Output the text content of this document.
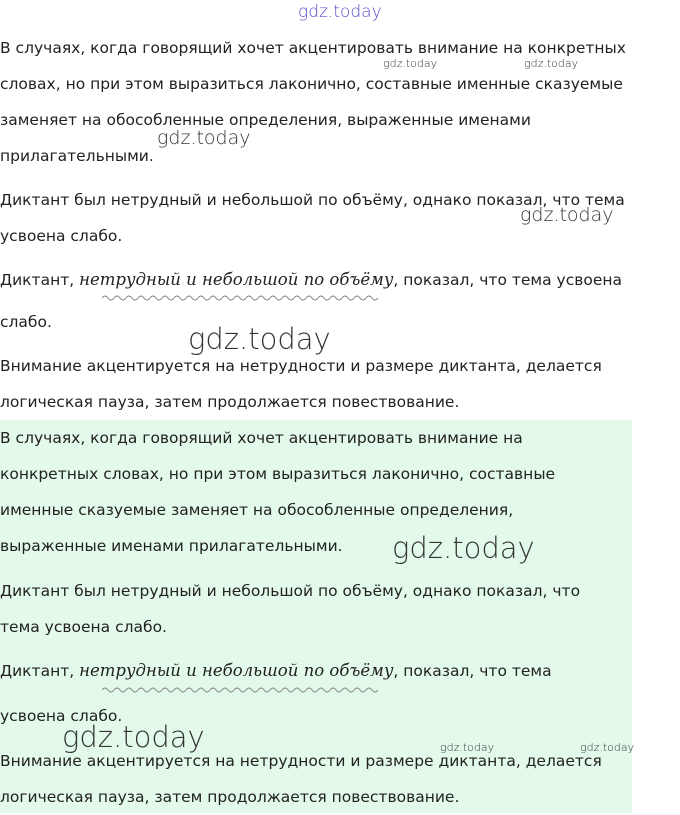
gdz.today

В случаях, когда говорящий хочет акцентировать внимание на конкретных

словах, но при этом выразиться лаконично, составные именные сказуемые

заменяет на обособленные определения, выраженные именами

прилагательными.

Диктант был нетрудный и небольшой по объёму, однако показал, что тема

усвоена слабо.

Диктант, нетрудный и небольшой по объёму, показал, что тема усвоена

слабо.

Внимание акцентируется на нетрудности и размере диктанта, делается

логическая пауза, затем продолжается повествование.

В случаях, когда говорящий хочет акцентировать внимание на

конкретных словах, но при этом выразиться лаконично, составные

именные сказуемые заменяет на обособленные определения,

выраженные именами прилагательными.

Диктант был нетрудный и небольшой по объёму, однако показал, что

тема усвоена слабо.

Диктант, нетрудный и небольшой по объёму, показал, что тема

усвоена слабо.

Внимание акцентируется на нетрудности и размере диктанта, делается

логическая пауза, затем продолжается повествование.

gdz.today	gdz.today
gdz.today
gdz.today
gdz.today
gdz.today
gdz.today	gdz.today	gdz.today
